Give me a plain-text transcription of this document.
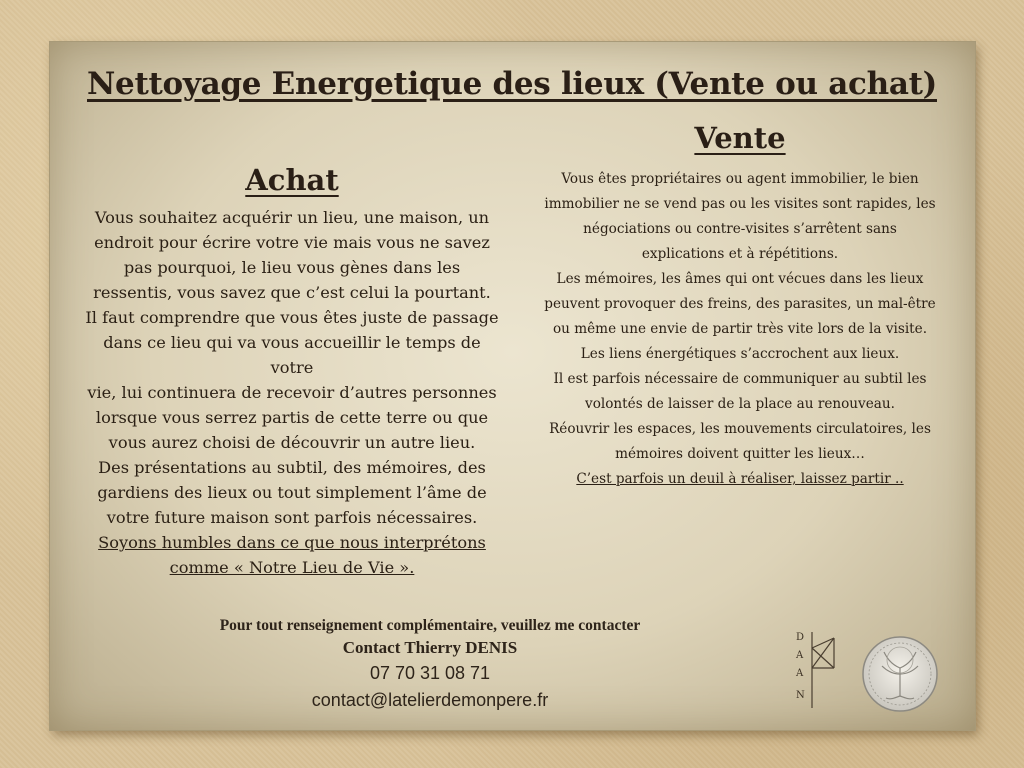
Nettoyage Energetique des lieux (Vente ou achat)
Achat

Vous souhaitez acquérir un lieu, une maison, un

endroit pour écrire votre vie mais vous ne savez

pas pourquoi, le lieu vous gènes dans les

ressentis, vous savez que c’est celui la pourtant.

Il faut comprendre que vous êtes juste de passage

dans ce lieu qui va vous accueillir le temps de votre

vie, lui continuera de recevoir d’autres personnes

lorsque vous serrez partis de cette terre ou que

vous aurez choisi de découvrir un autre lieu.

Des présentations au subtil, des mémoires, des

gardiens des lieux ou tout simplement l’âme de

votre future maison sont parfois nécessaires.

Soyons humbles dans ce que nous interprétons

comme « Notre Lieu de Vie ».

Vente

Vous êtes propriétaires ou agent immobilier, le bien

immobilier ne se vend pas ou les visites sont rapides, les

négociations ou contre-visites s’arrêtent sans

explications et à répétitions.

Les mémoires, les âmes qui ont vécues dans les lieux

peuvent provoquer des freins, des parasites, un mal-être

ou même une envie de partir très vite lors de la visite.

Les liens énergétiques s’accrochent aux lieux.

Il est parfois nécessaire de communiquer au subtil les

volontés de laisser de la place au renouveau.

Réouvrir les espaces, les mouvements circulatoires, les

mémoires doivent quitter les lieux…

C’est parfois un deuil à réaliser, laissez partir ..

Pour tout renseignement complémentaire, veuillez me contacter
Contact Thierry DENIS
07 70 31 08 71
contact@latelierdemonpere.fr
D
A
A
N
